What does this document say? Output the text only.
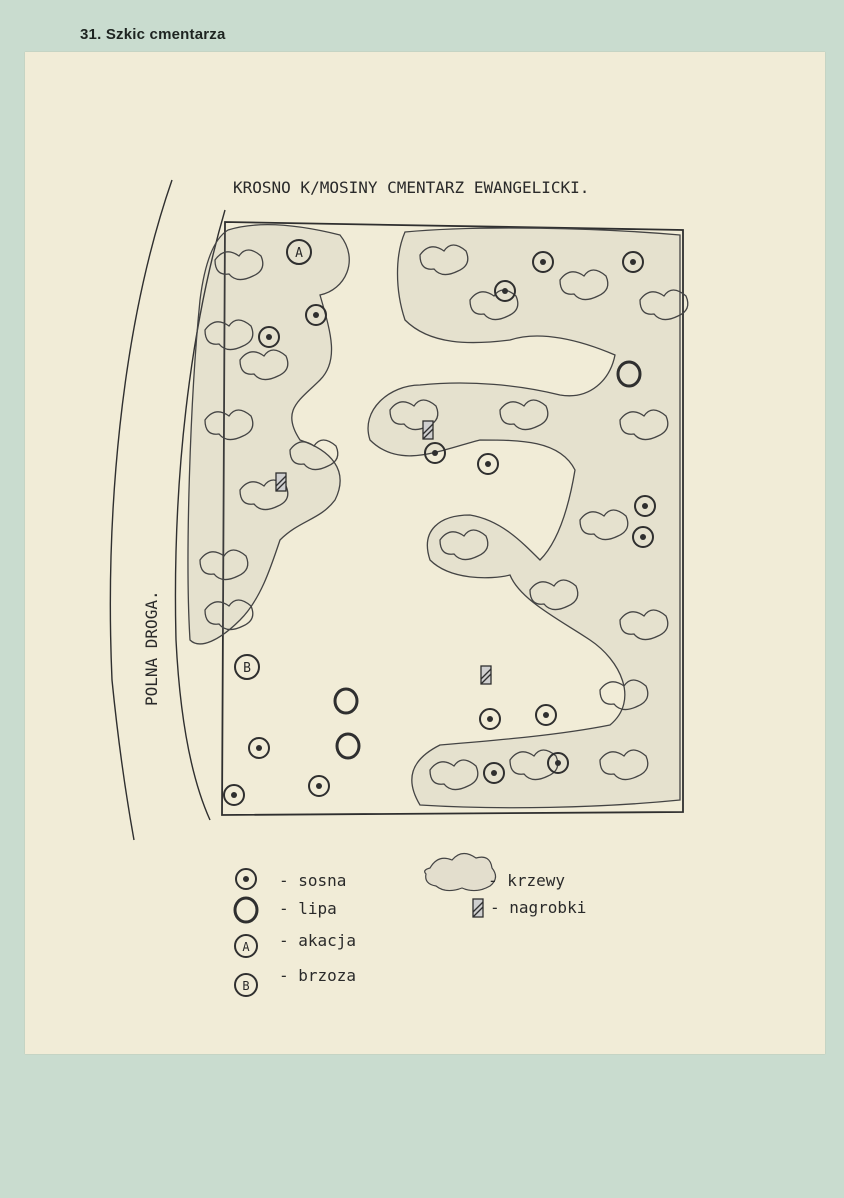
31. Szkic cmentarza
KROSNO K/MOSINY CMENTARZ EWANGELICKI.
POLNA DROGA.
A
B
- sosna
- lipa
A - akacja
B
- brzoza
- krzewy
- nagrobki
